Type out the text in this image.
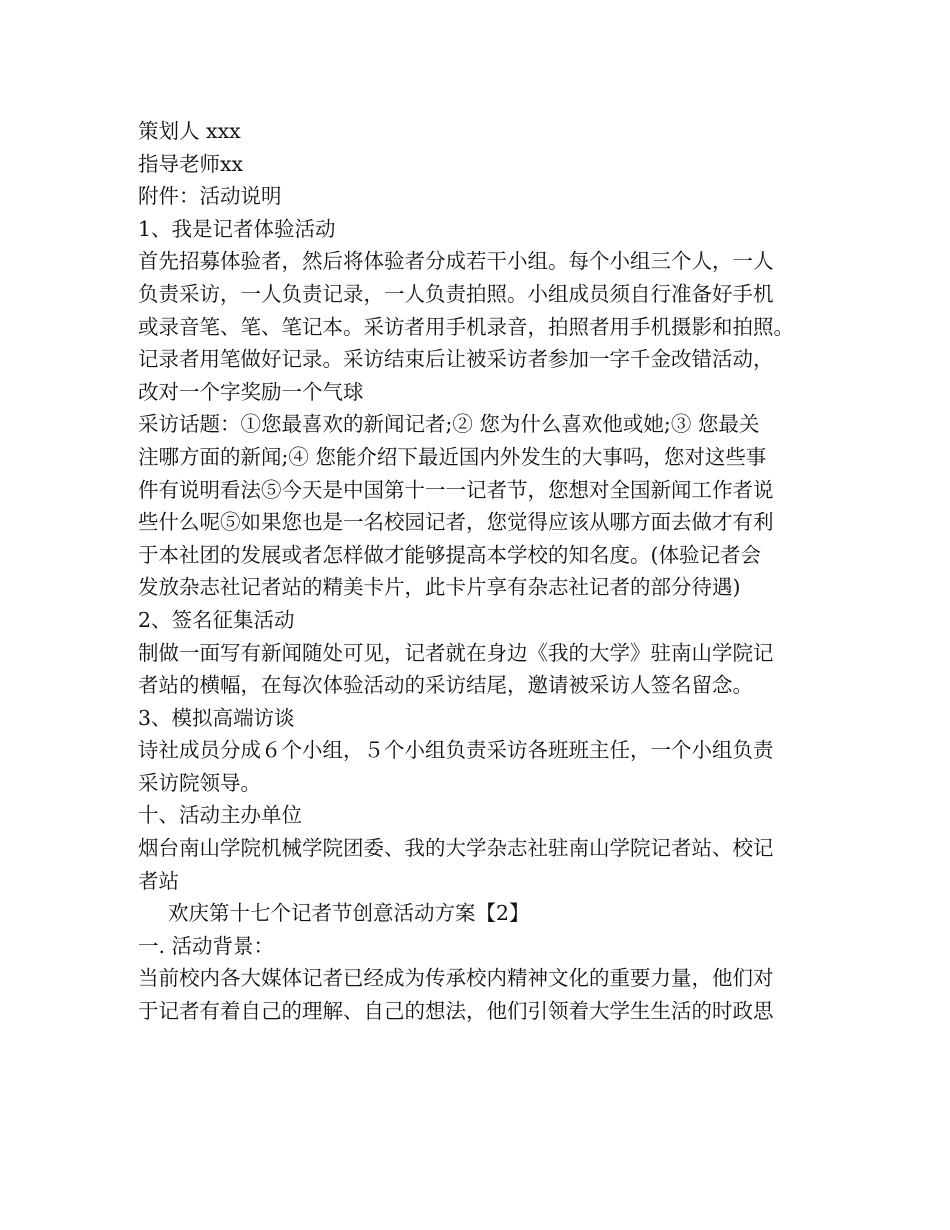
策划人 xxx
指导老师xx
附件：活动说明
1、我是记者体验活动
首先招募体验者，然后将体验者分成若干小组。每个小组三个人，一人
负责采访，一人负责记录，一人负责拍照。小组成员须自行准备好手机
或录音笔、笔、笔记本。采访者用手机录音，拍照者用手机摄影和拍照。
记录者用笔做好记录。采访结束后让被采访者参加一字千金改错活动，
改对一个字奖励一个气球
采访话题：①您最喜欢的新闻记者;② 您为什么喜欢他或她;③ 您最关
注哪方面的新闻;④ 您能介绍下最近国内外发生的大事吗，您对这些事
件有说明看法⑤今天是中国第十一一记者节，您想对全国新闻工作者说
些什么呢⑤如果您也是一名校园记者，您觉得应该从哪方面去做才有利
于本社团的发展或者怎样做才能够提高本学校的知名度。(体验记者会
发放杂志社记者站的精美卡片，此卡片享有杂志社记者的部分待遇)
2、签名征集活动
制做一面写有新闻随处可见，记者就在身边《我的大学》驻南山学院记
者站的横幅，在每次体验活动的采访结尾，邀请被采访人签名留念。
3、模拟高端访谈
诗社成员分成６个小组，５个小组负责采访各班班主任，一个小组负责
采访院领导。
十、活动主办单位
烟台南山学院机械学院团委、我的大学杂志社驻南山学院记者站、校记
者站
欢庆第十七个记者节创意活动方案【2】
一. 活动背景：
当前校内各大媒体记者已经成为传承校内精神文化的重要力量，他们对
于记者有着自己的理解、自己的想法，他们引领着大学生生活的时政思
